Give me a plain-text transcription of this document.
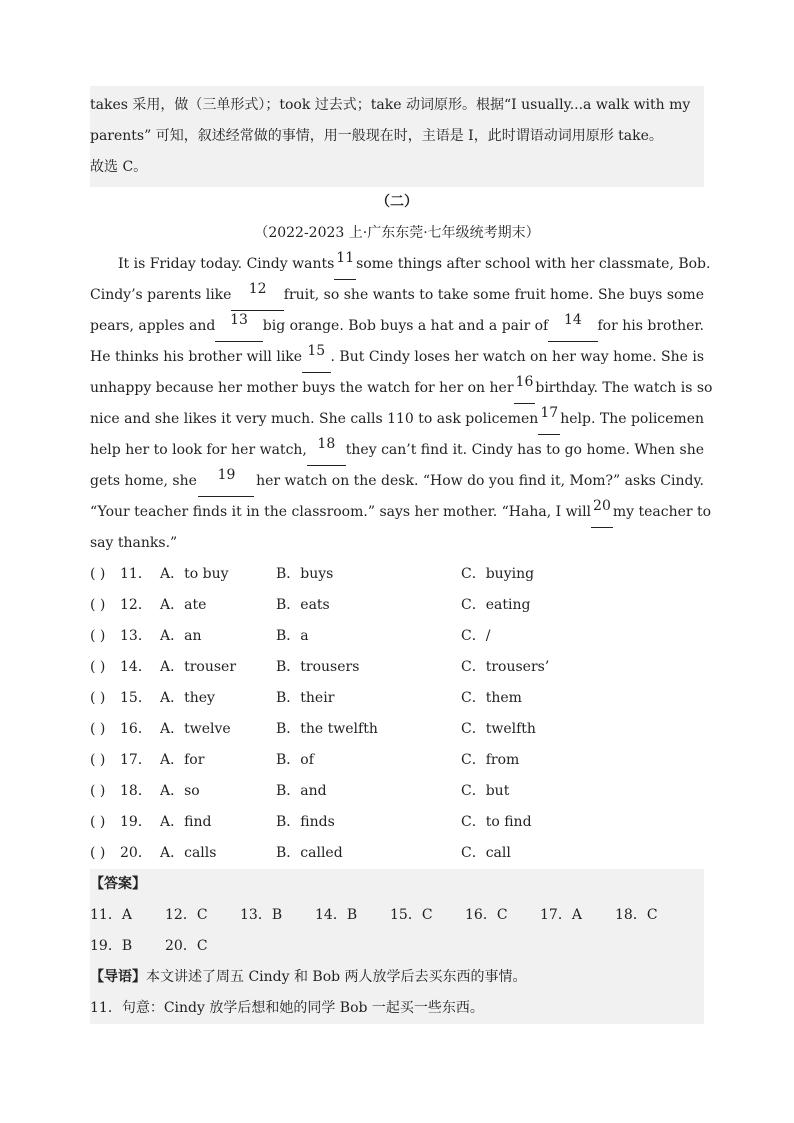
takes 采用，做（三单形式）；took 过去式；take 动词原形。根据“I usually...a walk with my
parents” 可知，叙述经常做的事情，用一般现在时，主语是 I，此时谓语动词用原形 take。
故选 C。
（二）
（2022-2023 上·广东东莞·七年级统考期末）
It is Friday today. Cindy wants 11 some things after school with her classmate, Bob.
Cindy’s parents like	12	fruit, so she wants to take some fruit home. She buys some
pears, apples and	13	big orange. Bob buys a hat and a pair of	14	for his brother.
He thinks his brother will like 15 . But Cindy loses her watch on her way home. She is
unhappy because her mother buys the watch for her on her 16 birthday. The watch is so
nice and she likes it very much. She calls 110 to ask policemen 17 help. The policemen
help her to look for her watch, 18 they can’t find it. Cindy has to go home. When she
gets home, she	19	her watch on the desk. “How do you find it, Mom?” asks Cindy.
“Your teacher finds it in the classroom.” says her mother. “Haha, I will 20 my teacher to
say thanks.”
( ) 11． A．to buy	B．buys	C．buying
( ) 12． A．ate	B．eats	C．eating
( ) 13． A．an	B．a	C．/
( ) 14． A．trouser	B．trousers	C．trousers’
( ) 15． A．they	B．their	C．them
( ) 16． A．twelve	B．the twelfth	C．twelfth
( ) 17． A．for	B．of	C．from
( ) 18． A．so	B．and	C．but
( ) 19． A．find	B．finds	C．to find
( ) 20． A．calls	B．called	C．call
【答案】
11．A 12．C 13．B 14．B 15．C 16．C 17．A 18．C
19．B 20．C
【导语】本文讲述了周五 Cindy 和 Bob 两人放学后去买东西的事情。
11．句意：Cindy 放学后想和她的同学 Bob 一起买一些东西。
